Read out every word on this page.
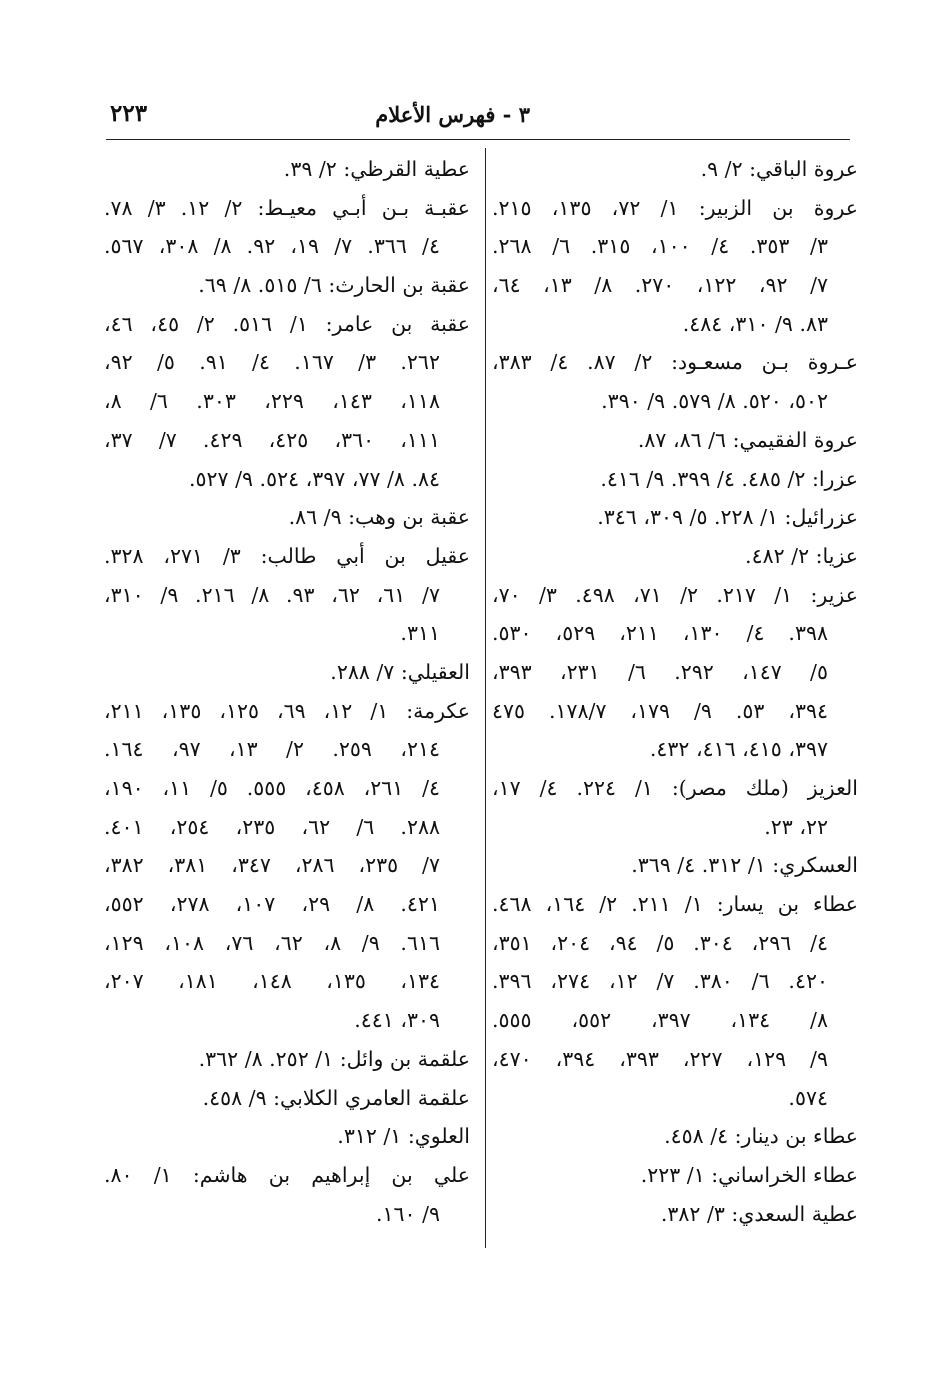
٣ - فهرس الأعلام
٢٢٣
عروة الباقي: ٢/ ٩.
عروة بن الزبير: ١/ ٧٢، ١٣٥، ٢١٥.
٣/ ٣٥٣. ٤/ ١٠٠، ٣١٥. ٦/ ٢٦٨.
٧/ ٩٢، ١٢٢، ٢٧٠. ٨/ ١٣، ٦٤،
٨٣. ٩/ ٣١٠، ٤٨٤.
عـروة بـن مسعـود: ٢/ ٨٧. ٤/ ٣٨٣،
٥٠٢، ٥٢٠. ٨/ ٥٧٩. ٩/ ٣٩٠.
عروة الفقيمي: ٦/ ٨٦، ٨٧.
عزرا: ٢/ ٤٨٥. ٤/ ٣٩٩. ٩/ ٤١٦.
عزرائيل: ١/ ٢٢٨. ٥/ ٣٠٩، ٣٤٦.
عزيا: ٢/ ٤٨٢.
عزير: ١/ ٢١٧. ٢/ ٧١، ٤٩٨. ٣/ ٧٠،
٣٩٨. ٤/ ١٣٠، ٢١١، ٥٢٩، ٥٣٠.
٥/ ١٤٧، ٢٩٢. ٦/ ٢٣١، ٣٩٣،
٣٩٤، ٥٣. ٩/ ١٧٩، ١٧٨/٧. ٤٧٥
٣٩٧، ٤١٥، ٤١٦، ٤٣٢.
العزيز (ملك مصر): ١/ ٢٢٤. ٤/ ١٧،
٢٢، ٢٣.
العسكري: ١/ ٣١٢. ٤/ ٣٦٩.
عطاء بن يسار: ١/ ٢١١. ٢/ ١٦٤، ٤٦٨.
٤/ ٢٩٦، ٣٠٤. ٥/ ٩٤، ٢٠٤، ٣٥١،
٤٢٠. ٦/ ٣٨٠. ٧/ ١٢، ٢٧٤، ٣٩٦.
٨/ ١٣٤، ٣٩٧، ٥٥٢، ٥٥٥.
٩/ ١٢٩، ٢٢٧، ٣٩٣، ٣٩٤، ٤٧٠،
٥٧٤.
عطاء بن دينار: ٤/ ٤٥٨.
عطاء الخراساني: ١/ ٢٢٣.
عطية السعدي: ٣/ ٣٨٢.
عطية القرظي: ٢/ ٣٩.
عقبـة بـن أبـي معيـط: ٢/ ١٢. ٣/ ٧٨.
٤/ ٣٦٦. ٧/ ١٩، ٩٢. ٨/ ٣٠٨، ٥٦٧.
عقبة بن الحارث: ٦/ ٥١٥. ٨/ ٦٩.
عقبة بن عامر: ١/ ٥١٦. ٢/ ٤٥، ٤٦،
٢٦٢. ٣/ ١٦٧. ٤/ ٩١. ٥/ ٩٢،
١١٨، ١٤٣، ٢٢٩، ٣٠٣. ٦/ ٨،
١١١، ٣٦٠، ٤٢٥، ٤٢٩. ٧/ ٣٧،
٨٤. ٨/ ٧٧، ٣٩٧، ٥٢٤. ٩/ ٥٢٧.
عقبة بن وهب: ٩/ ٨٦.
عقيل بن أبي طالب: ٣/ ٢٧١، ٣٢٨.
٧/ ٦١، ٦٢، ٩٣. ٨/ ٢١٦. ٩/ ٣١٠،
٣١١.
العقيلي: ٧/ ٢٨٨.
عكرمة: ١/ ١٢، ٦٩، ١٢٥، ١٣٥، ٢١١،
٢١٤، ٢٥٩. ٢/ ١٣، ٩٧، ١٦٤.
٤/ ٢٦١، ٤٥٨، ٥٥٥. ٥/ ١١، ١٩٠،
٢٨٨. ٦/ ٦٢، ٢٣٥، ٢٥٤، ٤٠١.
٧/ ٢٣٥، ٢٨٦، ٣٤٧، ٣٨١، ٣٨٢،
٤٢١. ٨/ ٢٩، ١٠٧، ٢٧٨، ٥٥٢،
٦١٦. ٩/ ٨، ٦٢، ٧٦، ١٠٨، ١٢٩،
١٣٤، ١٣٥، ١٤٨، ١٨١، ٢٠٧،
٣٠٩، ٤٤١.
علقمة بن وائل: ١/ ٢٥٢. ٨/ ٣٦٢.
علقمة العامري الكلابي: ٩/ ٤٥٨.
العلوي: ١/ ٣١٢.
علي بن إبراهيم بن هاشم: ١/ ٨٠.
٩/ ١٦٠.
